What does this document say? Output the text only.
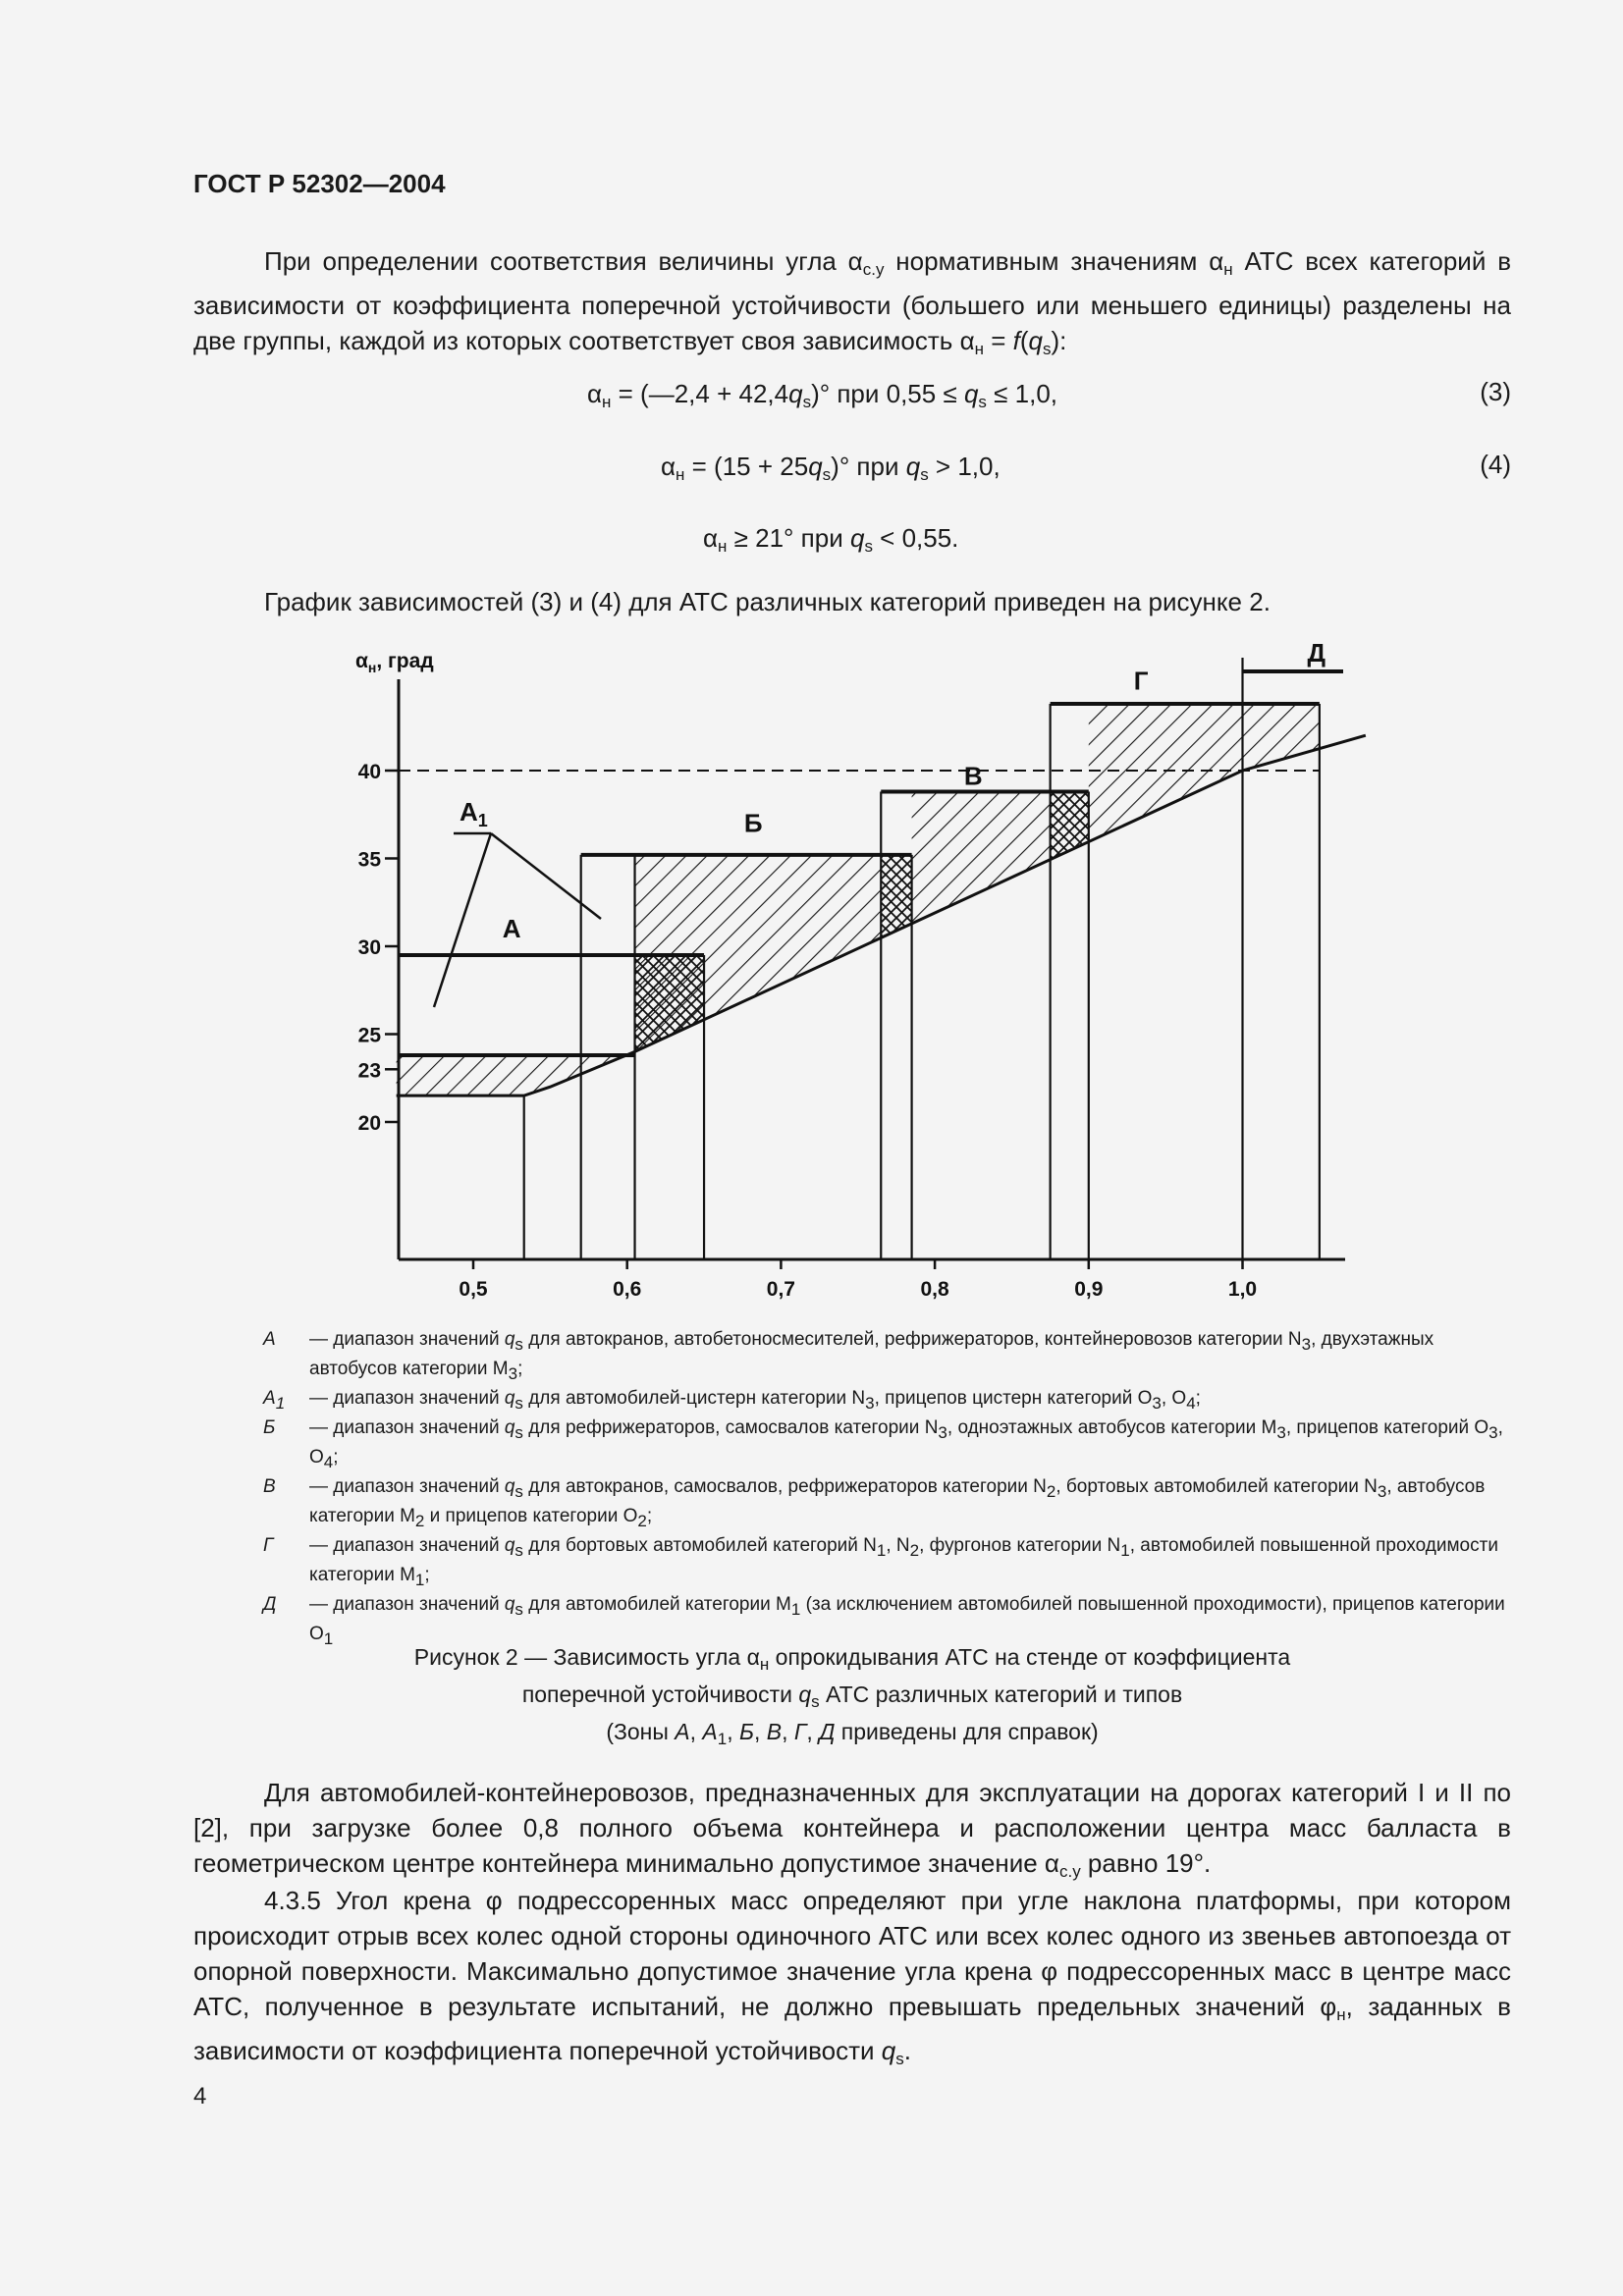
ГОСТ Р 52302—2004
При определении соответствия величины угла $\alpha_{с.у}$ нормативным значениям $\alpha_н$ АТС всех категорий в зависимости от коэффициента поперечной устойчивости (большего или меньшего единицы) разделены на две группы, каждой из которых соответствует своя зависимость $\alpha_н = f(q_s)$:
$\alpha_н$ = (—2,4 + $42,4q_s)^\circ$ при $0,55 \le q_s \le 1,0$,	(3)
$\alpha_н = (15 + 25q_s)^\circ$ при $q_s > 1,0$,	(4)
$\alpha_н \ge 21^\circ$ при $q_s < 0,55$.
График зависимостей (3) и (4) для АТС различных категорий приведен на рисунке 2.
20
23
25
30
35
40
0,5	0,6	0,7	0,8	0,9	1,0
$\alpha_н$, град
А
$А_1$	Б
В
Г
Д
А	— диапазон значений $q_s$ для автокранов, автобетоносмесителей, рефрижераторов, контейнеровозов категории $N_3$, двухэтажных автобусов категории $M_3$;
$А_1$	— диапазон значений $q_s$ для автомобилей-цистерн категории $N_3$, прицепов цистерн категорий $O_3$, $O_4$;
Б	— диапазон значений $q_s$ для рефрижераторов, самосвалов категории $N_3$, одноэтажных автобусов категории $M_3$, прицепов категорий $O_3$, $O_4$;
В	— диапазон значений $q_s$ для автокранов, самосвалов, рефрижераторов категории $N_2$, бортовых автомобилей категории $N_3$, автобусов категории $M_2$ и прицепов категории $O_2$;
Г	— диапазон значений $q_s$ для бортовых автомобилей категорий $N_1$, $N_2$, фургонов категории $N_1$, автомобилей повышенной проходимости категории $M_1$;
Д	— диапазон значений $q_s$ для автомобилей категории $M_1$ (за исключением автомобилей повышенной проходимости), прицепов категории $O_1$
Рисунок 2 — Зависимость угла $\alpha_н$ опрокидывания АТС на стенде от коэффициента
поперечной устойчивости $q_s$ АТС различных категорий и типов
(Зоны А, $А_1$, Б, В, Г, Д приведены для справок)
Для автомобилей-контейнеровозов, предназначенных для эксплуатации на дорогах категорий I и II по [2], при загрузке более 0,8 полного объема контейнера и расположении центра масс балласта в геометрическом центре контейнера минимально допустимое значение $\alpha_{с.у}$ равно 19°.
4.3.5 Угол крена φ подрессоренных масс определяют при угле наклона платформы, при котором происходит отрыв всех колес одной стороны одиночного АТС или всех колес одного из звеньев автопоезда от опорной поверхности. Максимально допустимое значение угла крена φ подрессоренных масс в центре масс АТС, полученное в результате испытаний, не должно превышать предельных значений $\varphi_н$, заданных в зависимости от коэффициента поперечной устойчивости $q_s$.
4
